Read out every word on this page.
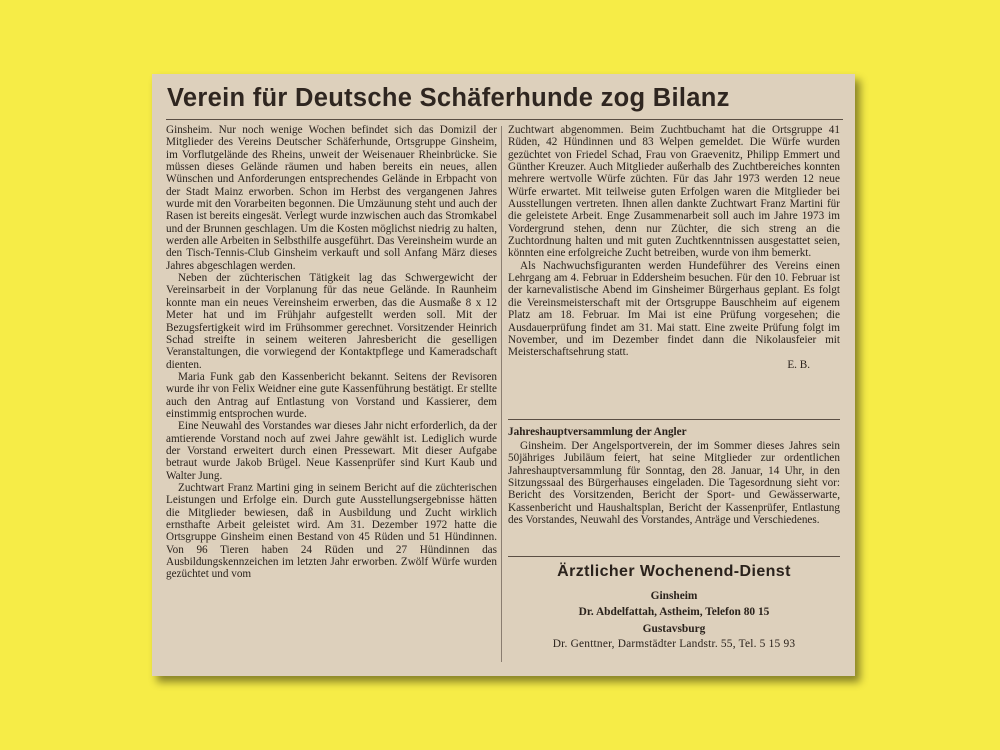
Verein für Deutsche Schäferhunde zog Bilanz

Ginsheim. Nur noch wenige Wochen befindet sich das Domizil der Mitglieder des Vereins Deutscher Schäferhunde, Ortsgruppe Ginsheim, im Vorflutgelände des Rheins, unweit der Weisenauer Rheinbrücke. Sie müssen dieses Gelände räumen und haben bereits ein neues, allen Wünschen und Anforderungen entsprechendes Gelände in Erbpacht von der Stadt Mainz erworben. Schon im Herbst des vergangenen Jahres wurde mit den Vorarbeiten begonnen. Die Umzäunung steht und auch der Rasen ist bereits eingesät. Verlegt wurde inzwischen auch das Stromkabel und der Brunnen geschlagen. Um die Kosten möglichst niedrig zu halten, werden alle Arbeiten in Selbsthilfe ausgeführt. Das Vereinsheim wurde an den Tisch-Tennis-Club Ginsheim verkauft und soll Anfang März dieses Jahres abgeschlagen werden.

Neben der züchterischen Tätigkeit lag das Schwergewicht der Vereinsarbeit in der Vorplanung für das neue Gelände. In Raunheim konnte man ein neues Vereinsheim erwerben, das die Ausmaße 8 x 12 Meter hat und im Frühjahr aufgestellt werden soll. Mit der Bezugsfertigkeit wird im Frühsommer gerechnet. Vorsitzender Heinrich Schad streifte in seinem weiteren Jahresbericht die geselligen Veranstaltungen, die vorwiegend der Kontaktpflege und Kameradschaft dienten.

Maria Funk gab den Kassenbericht bekannt. Seitens der Revisoren wurde ihr von Felix Weidner eine gute Kassenführung bestätigt. Er stellte auch den Antrag auf Entlastung von Vorstand und Kassierer, dem einstimmig entsprochen wurde.

Eine Neuwahl des Vorstandes war dieses Jahr nicht erforderlich, da der amtierende Vorstand noch auf zwei Jahre gewählt ist. Lediglich wurde der Vorstand erweitert durch einen Pressewart. Mit dieser Aufgabe betraut wurde Jakob Brügel. Neue Kassenprüfer sind Kurt Kaub und Walter Jung.

Zuchtwart Franz Martini ging in seinem Bericht auf die züchterischen Leistungen und Erfolge ein. Durch gute Ausstellungsergebnisse hätten die Mitglieder bewiesen, daß in Ausbildung und Zucht wirklich ernsthafte Arbeit geleistet wird. Am 31. Dezember 1972 hatte die Ortsgruppe Ginsheim einen Bestand von 45 Rüden und 51 Hündinnen. Von 96 Tieren haben 24 Rüden und 27 Hündinnen das Ausbildungskennzeichen im letzten Jahr erworben. Zwölf Würfe wurden gezüchtet und vom

Zuchtwart abgenommen. Beim Zuchtbuchamt hat die Ortsgruppe 41 Rüden, 42 Hündinnen und 83 Welpen gemeldet. Die Würfe wurden gezüchtet von Friedel Schad, Frau von Graevenitz, Philipp Emmert und Günther Kreuzer. Auch Mitglieder außerhalb des Zuchtbereiches konnten mehrere wertvolle Würfe züchten. Für das Jahr 1973 werden 12 neue Würfe erwartet. Mit teilweise guten Erfolgen waren die Mitglieder bei Ausstellungen vertreten. Ihnen allen dankte Zuchtwart Franz Martini für die geleistete Arbeit. Enge Zusammenarbeit soll auch im Jahre 1973 im Vordergrund stehen, denn nur Züchter, die sich streng an die Zuchtordnung halten und mit guten Zuchtkenntnissen ausgestattet seien, könnten eine erfolgreiche Zucht betreiben, wurde von ihm bemerkt.

Als Nachwuchsfiguranten werden Hundeführer des Vereins einen Lehrgang am 4. Februar in Eddersheim besuchen. Für den 10. Februar ist der karnevalistische Abend im Ginsheimer Bürgerhaus geplant. Es folgt die Vereinsmeisterschaft mit der Ortsgruppe Bauschheim auf eigenem Platz am 18. Februar. Im Mai ist eine Prüfung vorgesehen; die Ausdauerprüfung findet am 31. Mai statt. Eine zweite Prüfung folgt im November, und im Dezember findet dann die Nikolausfeier mit Meisterschaftsehrung statt.

E. B.
Jahreshauptversammlung der Angler

Ginsheim. Der Angelsportverein, der im Sommer dieses Jahres sein 50jähriges Jubiläum feiert, hat seine Mitglieder zur ordentlichen Jahreshauptversammlung für Sonntag, den 28. Januar, 14 Uhr, in den Sitzungssaal des Bürgerhauses eingeladen. Die Tagesordnung sieht vor: Bericht des Vorsitzenden, Bericht der Sport- und Gewässerwarte, Kassenbericht und Haushaltsplan, Bericht der Kassenprüfer, Entlastung des Vorstandes, Neuwahl des Vorstandes, Anträge und Verschiedenes.

Ärztlicher Wochenend-Dienst
Ginsheim
Dr. Abdelfattah, Astheim, Telefon 80 15
Gustavsburg
Dr. Genttner, Darmstädter Landstr. 55, Tel. 5 15 93
